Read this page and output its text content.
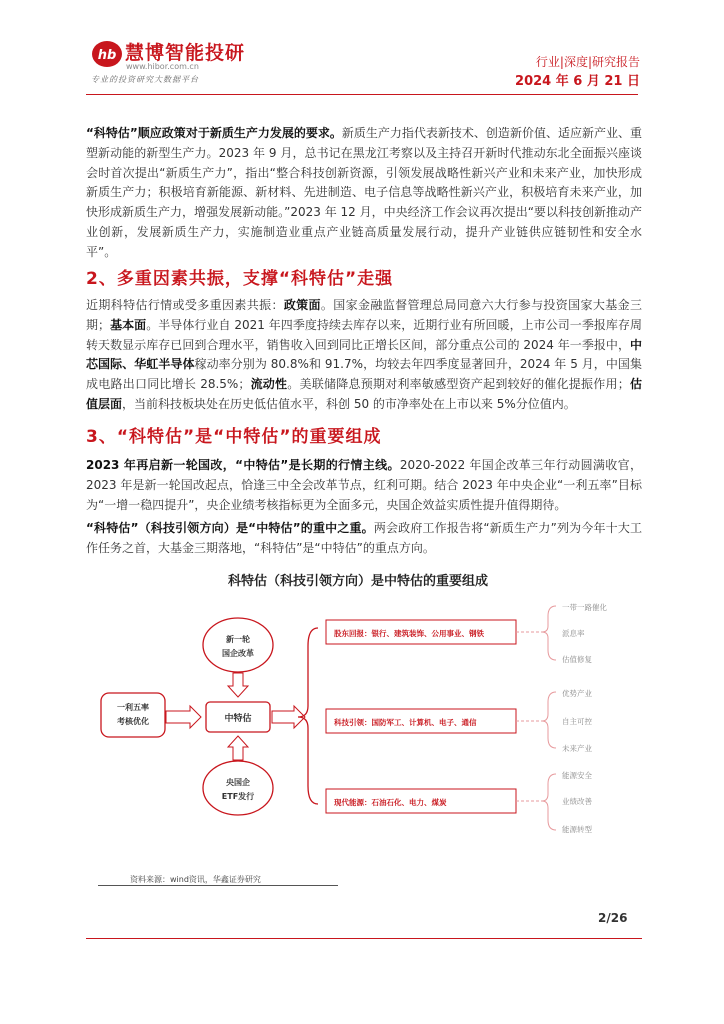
hb 慧博智能投研
www.hibor.com.cn
专业的投资研究大数据平台
行业|深度|研究报告
2024 年 6 月 21 日

“科特估”顺应政策对于新质生产力发展的要求。新质生产力指代表新技术、创造新价值、适应新产业、重塑新动能的新型生产力。2023 年 9 月，总书记在黑龙江考察以及主持召开新时代推动东北全面振兴座谈会时首次提出“新质生产力”，指出“整合科技创新资源，引领发展战略性新兴产业和未来产业，加快形成新质生产力；积极培育新能源、新材料、先进制造、电子信息等战略性新兴产业，积极培育未来产业，加快形成新质生产力，增强发展新动能。”2023 年 12 月，中央经济工作会议再次提出“要以科技创新推动产业创新，发展新质生产力，实施制造业重点产业链高质量发展行动，提升产业链供应链韧性和安全水平”。

2、多重因素共振，支撑“科特估”走强

近期科特估行情或受多重因素共振：政策面。国家金融监督管理总局同意六大行参与投资国家大基金三期；基本面。半导体行业自 2021 年四季度持续去库存以来，近期行业有所回暖，上市公司一季报库存周转天数显示库存已回到合理水平，销售收入回到同比正增长区间，部分重点公司的 2024 年一季报中，中芯国际、华虹半导体稼动率分别为 80.8%和 91.7%，均较去年四季度显著回升，2024 年 5 月，中国集成电路出口同比增长 28.5%；流动性。美联储降息预期对利率敏感型资产起到较好的催化提振作用；估值层面，当前科技板块处在历史低估值水平，科创 50 的市净率处在上市以来 5%分位值内。

3、“科特估”是“中特估”的重要组成

2023 年再启新一轮国改，“中特估”是长期的行情主线。2020-2022 年国企改革三年行动圆满收官，2023 年是新一轮国改起点，恰逢三中全会改革节点，红利可期。结合 2023 年中央企业“一利五率”目标为“一增一稳四提升”，央企业绩考核指标更为全面多元，央国企效益实质性提升值得期待。

“科特估”（科技引领方向）是“中特估”的重中之重。两会政府工作报告将“新质生产力”列为今年十大工作任务之首，大基金三期落地，“科特估”是“中特估”的重点方向。

科特估（科技引领方向）是中特估的重要组成
一利五率
考核优化	中特估
新一轮
国企改革
央国企
ETF发行
股东回报：银行、建筑装饰、公用事业、钢铁
科技引领：国防军工、计算机、电子、通信
现代能源：石油石化、电力、煤炭
一带一路催化
派息率
估值修复
优势产业
自主可控
未来产业
能源安全
业绩改善
能源转型
资料来源：wind资讯，华鑫证券研究
2/26
